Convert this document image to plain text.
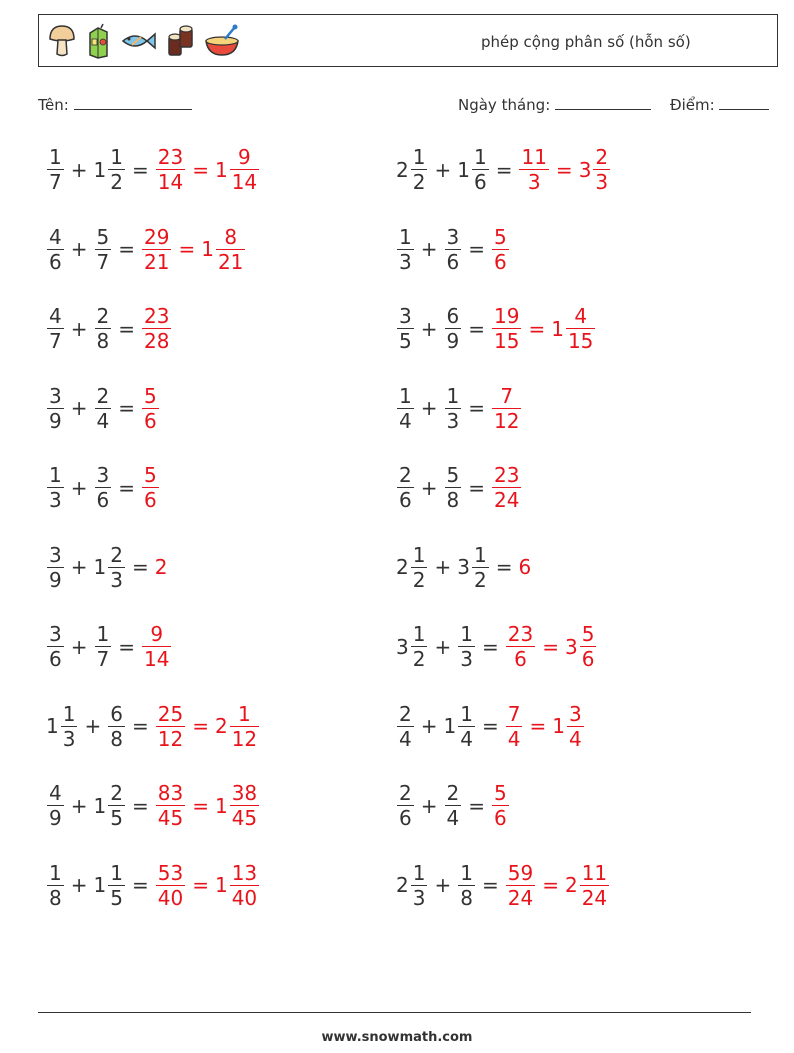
phép cộng phân số (hỗn số)
Tên:	Ngày tháng:	Điểm:
$\frac{1}{7} + 1 \frac{1}{2} = \frac{23}{14} = 1 \frac{9}{14}$	$2 \frac{1}{2} + 1 \frac{1}{6} = \frac{11}{3} = 3 \frac{2}{3}$
$\frac{4}{6} + \frac{5}{7} = \frac{29}{21} = 1 \frac{8}{21}$	$\frac{1}{3} + \frac{3}{6} = \frac{5}{6}$
$\frac{4}{7} + \frac{2}{8} = \frac{23}{28}$	$\frac{3}{5} + \frac{6}{9} = \frac{19}{15} = 1 \frac{4}{15}$
$\frac{3}{9} + \frac{2}{4} = \frac{5}{6}$	$\frac{1}{4} + \frac{1}{3} = \frac{7}{12}$
$\frac{1}{3} + \frac{3}{6} = \frac{5}{6}$	$\frac{2}{6} + \frac{5}{8} = \frac{23}{24}$
$\frac{3}{9} + 1 \frac{2}{3} = 2$	$2 \frac{1}{2} + 3 \frac{1}{2} = 6$
$\frac{3}{6} + \frac{1}{7} = \frac{9}{14}$	$3 \frac{1}{2} + \frac{1}{3} = \frac{23}{6} = 3 \frac{5}{6}$
$1 \frac{1}{3} + \frac{6}{8} = \frac{25}{12} = 2 \frac{1}{12}$	$\frac{2}{4} + 1 \frac{1}{4} = \frac{7}{4} = 1 \frac{3}{4}$
$\frac{4}{9} + 1 \frac{2}{5} = \frac{83}{45} = 1 \frac{38}{45}$	$\frac{2}{6} + \frac{2}{4} = \frac{5}{6}$
$\frac{1}{8} + 1 \frac{1}{5} = \frac{53}{40} = 1 \frac{13}{40}$	$2 \frac{1}{3} + \frac{1}{8} = \frac{59}{24} = 2 \frac{11}{24}$
www.snowmath.com
